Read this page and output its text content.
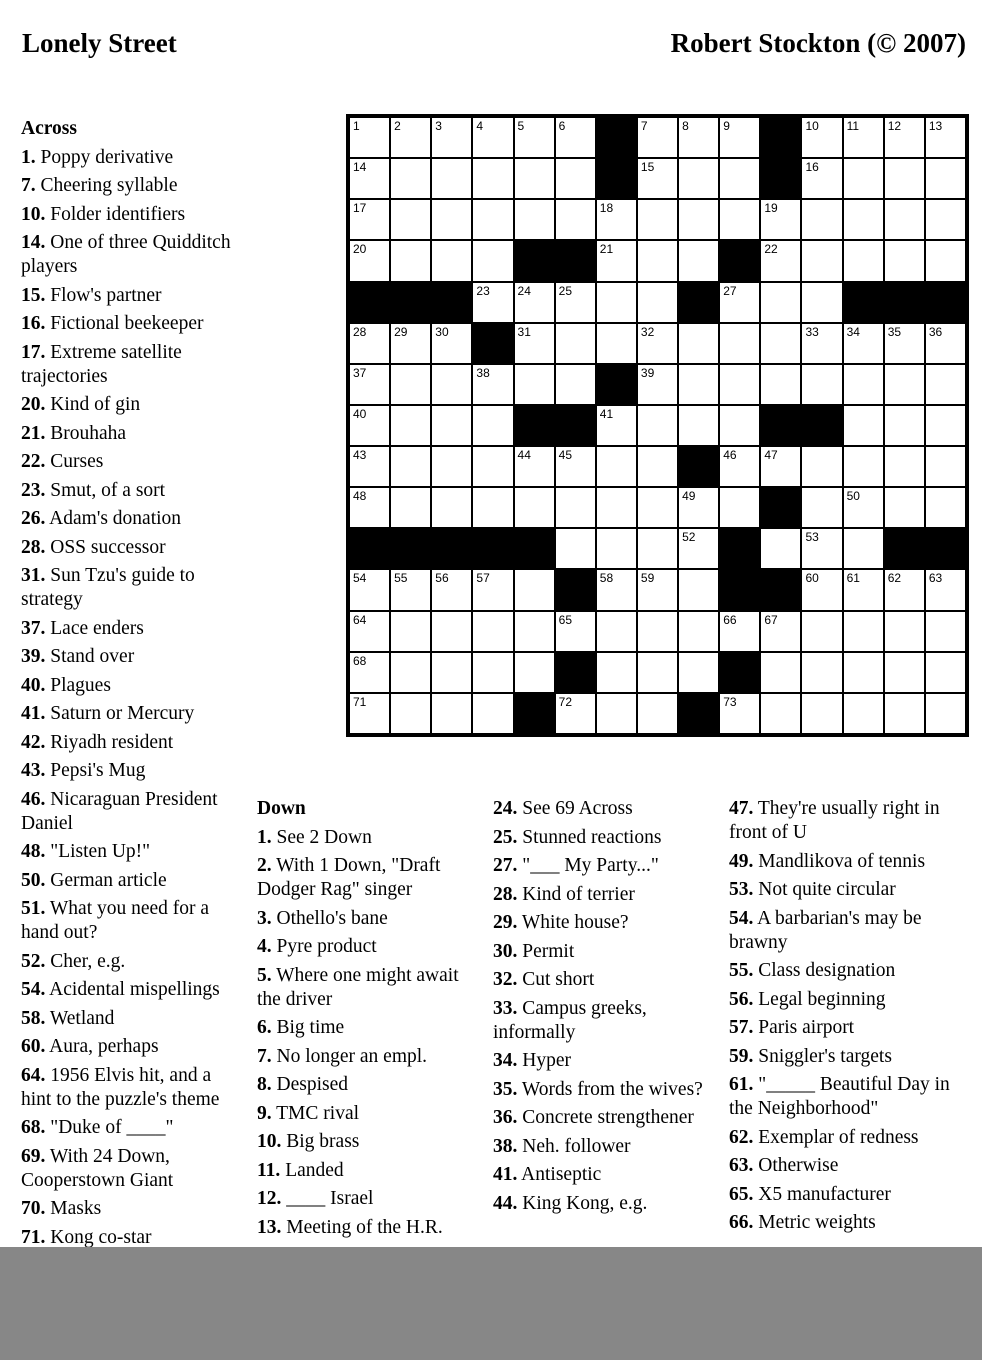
Lonely Street	Robert Stockton (© 2007)
Across
1. Poppy derivative
7. Cheering syllable
10. Folder identifiers
14. One of three Quidditch players
15. Flow's partner
16. Fictional beekeeper
17. Extreme satellite trajectories
20. Kind of gin
21. Brouhaha
22. Curses
23. Smut, of a sort
26. Adam's donation
28. OSS successor
31. Sun Tzu's guide to strategy
37. Lace enders
39. Stand over
40. Plagues
41. Saturn or Mercury
42. Riyadh resident
43. Pepsi's Mug
46. Nicaraguan President Daniel
48. "Listen Up!"
50. German article
51. What you need for a hand out?
52. Cher, e.g.
54. Acidental mispellings
58. Wetland
60. Aura, perhaps
64. 1956 Elvis hit, and a hint to the puzzle's theme
68. "Duke of ____"
69. With 24 Down, Cooperstown Giant
70. Masks
71. Kong co-star
1	2	3	4	5	6	7	8	9	10 11 12 13
14	15	16
17	18	19
20	21	22
23 24 25	27
28 29 30	31	32	33 34 35 36
37	38	39
40	41
43	44 45	46 47
48	49	50
52	53
54 55 56 57	58 59	60 61 62 63
64	65	66 67
68
71	72	73
Down
1. See 2 Down
2. With 1 Down, "Draft Dodger Rag" singer
3. Othello's bane
4. Pyre product
5. Where one might await the driver
6. Big time
7. No longer an empl.
8. Despised
9. TMC rival
10. Big brass
11. Landed
12. ____ Israel
13. Meeting of the H.R.
24. See 69 Across
25. Stunned reactions
27. "___ My Party..."
28. Kind of terrier
29. White house?
30. Permit
32. Cut short
33. Campus greeks, informally
34. Hyper
35. Words from the wives?
36. Concrete strengthener
38. Neh. follower
41. Antiseptic
44. King Kong, e.g.
47. They're usually right in front of U
49. Mandlikova of tennis
53. Not quite circular
54. A barbarian's may be brawny
55. Class designation
56. Legal beginning
57. Paris airport
59. Sniggler's targets
61. "_____ Beautiful Day in the Neighborhood"
62. Exemplar of redness
63. Otherwise
65. X5 manufacturer
66. Metric weights
